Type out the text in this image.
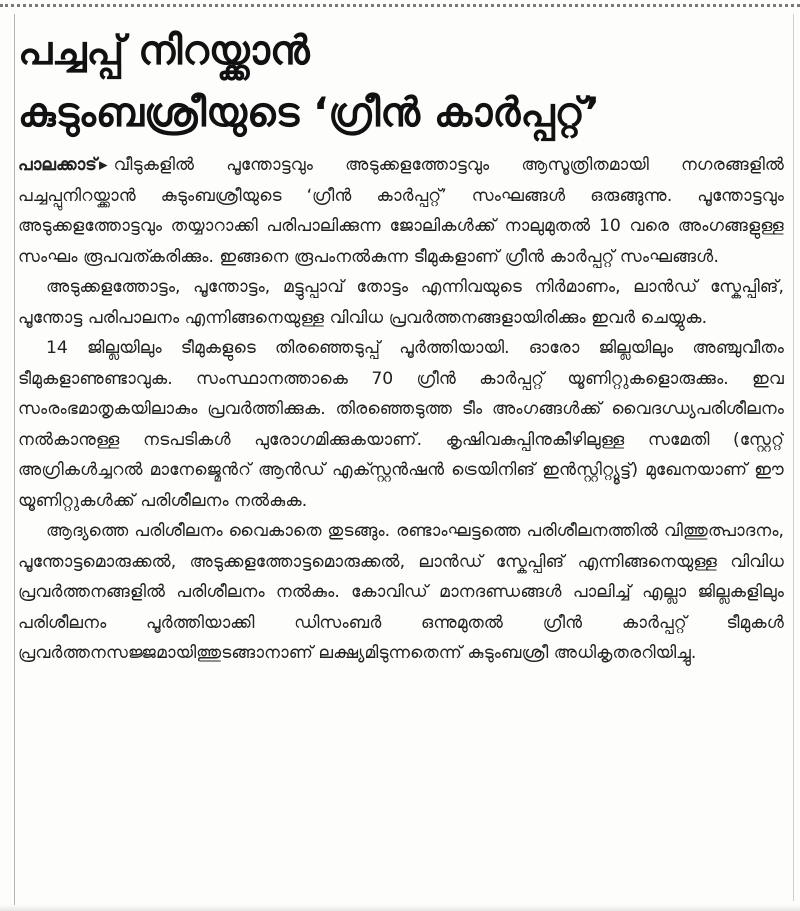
പച്ചപ്പ് നിറയ്ക്കാൻ
കുടുംബശ്രീയുടെ ‘ഗ്രീൻ കാർപ്പറ്റ്’

പാലക്കാട് ▸ വീടുകളിൽ പൂന്തോട്ടവും അടുക്കളത്തോട്ടവും ആസൂത്രിതമായി നഗരങ്ങളിൽ പച്ചപ്പുനിറയ്ക്കാൻ കുടുംബശ്രീയുടെ ‘ഗ്രീൻ കാർപ്പറ്റ്’ സംഘങ്ങൾ ഒരുങ്ങുന്നു. പൂന്തോട്ടവും അടുക്കളത്തോട്ടവും തയ്യാറാക്കി പരിപാലിക്കുന്ന ജോലികൾക്ക് നാലുമുതൽ 10 വരെ അംഗങ്ങളുള്ള സംഘം രൂപവത്കരിക്കും. ഇങ്ങനെ രൂപംനൽകുന്ന ടീമുകളാണ് ഗ്രീൻ കാർപ്പറ്റ് സംഘങ്ങൾ.

അടുക്കളത്തോട്ടം, പൂന്തോട്ടം, മട്ടുപ്പാവ് തോട്ടം എന്നിവയുടെ നിർമാണം, ലാൻഡ് സ്കേപ്പിങ്, പൂന്തോട്ട പരിപാലനം എന്നിങ്ങനെയുള്ള വിവിധ പ്രവർത്തനങ്ങളായിരിക്കും ഇവർ ചെയ്യുക.

14 ജില്ലയിലും ടീമുകളുടെ തിരഞ്ഞെടുപ്പ് പൂർത്തിയായി. ഓരോ ജില്ലയിലും അഞ്ചുവീതം ടീമുകളാണുണ്ടാവുക. സംസ്ഥാനത്താകെ 70 ഗ്രീൻ കാർപ്പറ്റ് യൂണിറ്റുകളൊരുക്കും. ഇവ സംരംഭമാതൃകയിലാകും പ്രവർത്തിക്കുക. തിരഞ്ഞെടുത്ത ടീം അംഗങ്ങൾക്ക് വൈദഗ്ധ്യപരിശീലനം നൽകാനുള്ള നടപടികൾ പുരോഗമിക്കുകയാണ്. കൃഷിവകുപ്പിനുകീഴിലുള്ള സമേതി (സ്റ്റേറ്റ് അഗ്രികൾച്ചറൽ മാനേജ്മെൻറ് ആൻഡ് എക്സ്റ്റൻഷൻ ട്രെയിനിങ് ഇൻസ്റ്റിറ്റ്യൂട്ട്) മുഖേനയാണ് ഈ യൂണിറ്റുകൾക്ക് പരിശീലനം നൽകുക.

ആദ്യത്തെ പരിശീലനം വൈകാതെ തുടങ്ങും. രണ്ടാംഘട്ടത്തെ പരിശീലനത്തിൽ വിത്തുത്പാദനം, പൂന്തോട്ടമൊരുക്കൽ, അടുക്കളത്തോട്ടമൊരുക്കൽ, ലാൻഡ് സ്കേപ്പിങ് എന്നിങ്ങനെയുള്ള വിവിധ പ്രവർത്തനങ്ങളിൽ പരിശീലനം നൽകും. കോവിഡ് മാനദണ്ഡങ്ങൾ പാലിച്ച് എല്ലാ ജില്ലകളിലും പരിശീലനം പൂർത്തിയാക്കി ഡിസംബർ ഒന്നുമുതൽ ഗ്രീൻ കാർപ്പറ്റ് ടീമുകൾ പ്രവർത്തനസജ്ജമായിത്തുടങ്ങാനാണ് ലക്ഷ്യമിടുന്നതെന്ന് കുടുംബശ്രീ അധികൃതരറിയിച്ചു.
